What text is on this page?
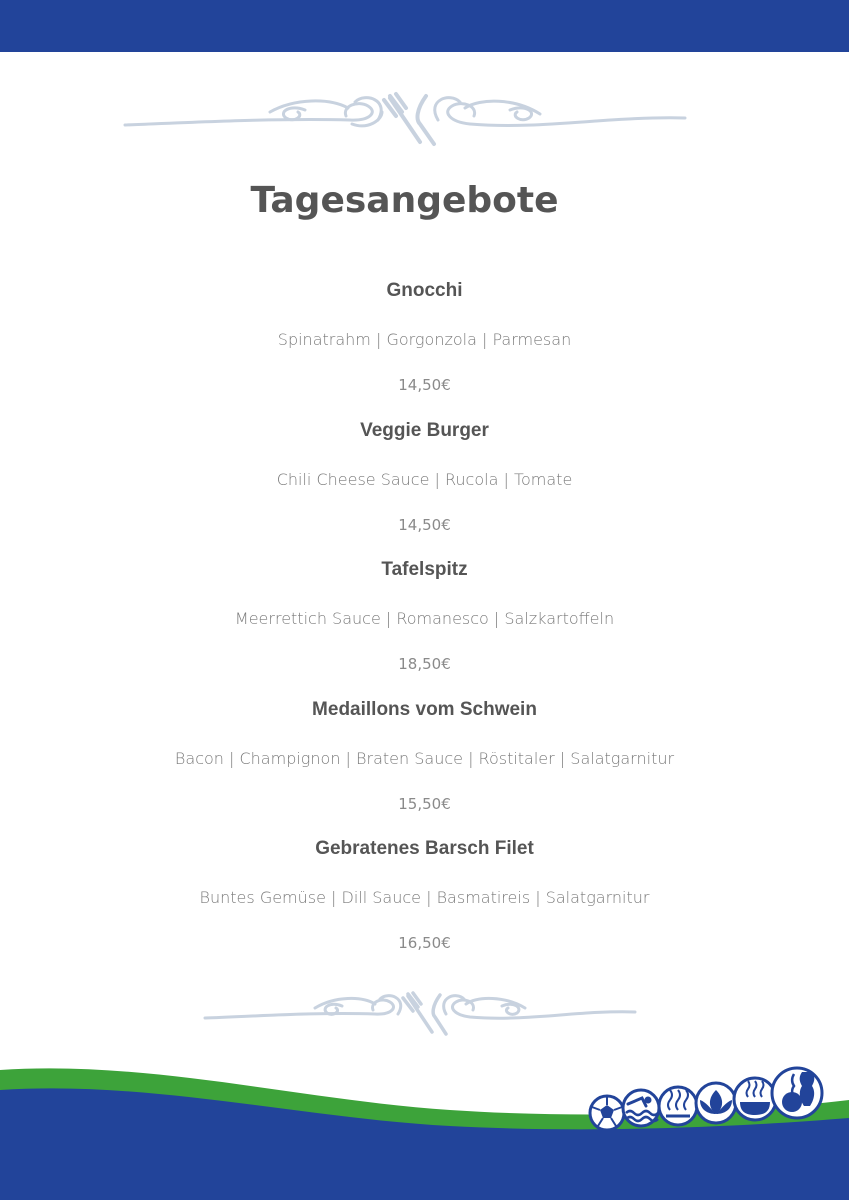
Tagesangebote
Gnocchi
Spinatrahm | Gorgonzola | Parmesan
14,50€
Veggie Burger
Chili Cheese Sauce | Rucola | Tomate
14,50€
Tafelspitz
Meerrettich Sauce | Romanesco | Salzkartoffeln
18,50€
Medaillons vom Schwein
Bacon | Champignon | Braten Sauce | Röstitaler | Salatgarnitur
15,50€
Gebratenes Barsch Filet
Buntes Gemüse | Dill Sauce | Basmatireis | Salatgarnitur
16,50€
